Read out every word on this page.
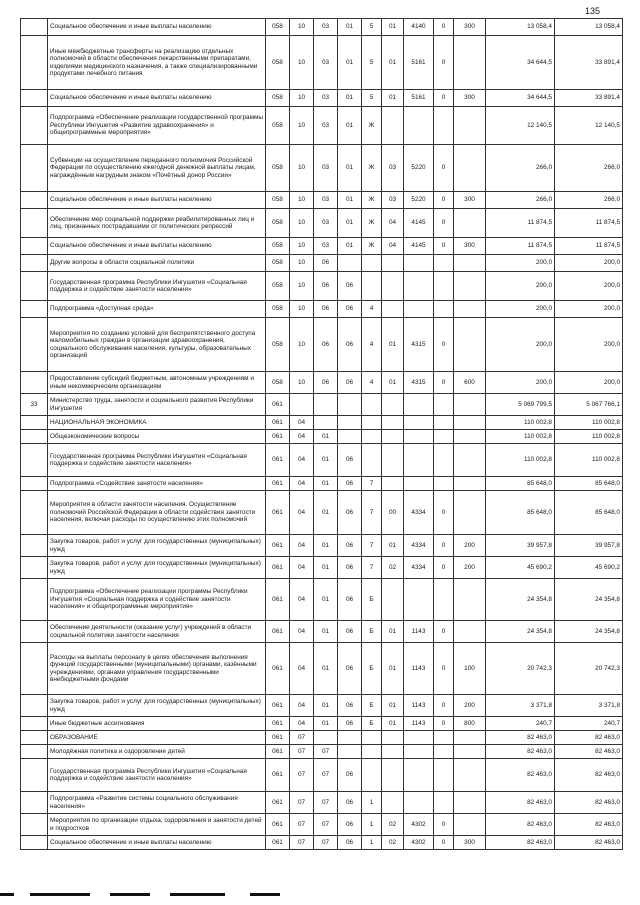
135
	Социальное обеспечение и иные выплаты населению	058	10	03	01	5	01	4140	0	300	13 058,4	13 058,4
	Иные межбюджетные трансферты на реализацию отдельных полномочий в области обеспечения лекарственными препаратами, изделиями медицинского назначения, а также специализированными продуктами лечебного питания	058	10	03	01	5	01	5161	0		34 644,5	33 891,4
	Социальное обеспечение и иные выплаты населению	058	10	03	01	5	01	5161	0	300	34 644,5	33 891,4
	Подпрограмма «Обеспечение реализации государственной программы Республики Ингушетия «Развитие здравоохранения» и общепрограммные мероприятия»	058	10	03	01	Ж					12 140,5	12 140,5
	Субвенции на осуществление переданного полномочия Российской Федерации по осуществлению ежегодной денежной выплаты лицам, награждённым нагрудным знаком «Почётный донор России»	058	10	03	01	Ж	03	5220	0		266,0	266,0
	Социальное обеспечение и иные выплаты населению	058	10	03	01	Ж	03	5220	0	300	266,0	266,0
	Обеспечение мер социальной поддержки реабилитированных лиц и лиц, признанных пострадавшими от политических репрессий	058	10	03	01	Ж	04	4145	0		11 874,5	11 874,5
	Социальное обеспечение и иные выплаты населению	058	10	03	01	Ж	04	4145	0	300	11 874,5	11 874,5
	Другие вопросы в области социальной политики	058	10	06							200,0	200,0
	Государственная программа Республики Ингушетия «Социальная поддержка и содействие занятости населения»	058	10	06	06						200,0	200,0
	Подпрограмма «Доступная среда»	058	10	06	06	4					200,0	200,0
	Мероприятия по созданию условий для беспрепятственного доступа маломобильных граждан в организации здравоохранения, социального обслуживания населения, культуры, образовательных организаций	058	10	06	06	4	01	4315	0		200,0	200,0
	Предоставление субсидий бюджетным, автономным учреждениям и иным некоммерческим организациям	058	10	06	06	4	01	4315	0	600	200,0	200,0
33	Министерство труда, занятости и социального развития Республики Ингушетия	061									5 069 799,5	5 067 766,1
	НАЦИОНАЛЬНАЯ ЭКОНОМИКА	061	04								110 002,8	110 002,8
	Общеэкономические вопросы	061	04	01							110 002,8	110 002,8
	Государственная программа Республики Ингушетия «Социальная поддержка и содействие занятости населения»	061	04	01	06						110 002,8	110 002,8
	Подпрограмма «Содействие занятости населения»	061	04	01	06	7					85 648,0	85 648,0
	Мероприятия в области занятости населения. Осуществление полномочий Российской Федерации в области содействия занятости населения, включая расходы по осуществлению этих полномочий	061	04	01	06	7	00	4334	0		85 648,0	85 648,0
	Закупка товаров, работ и услуг для государственных (муниципальных) нужд	061	04	01	06	7	01	4334	0	200	39 957,8	39 957,8
	Закупка товаров, работ и услуг для государственных (муниципальных) нужд	061	04	01	06	7	02	4334	0	200	45 690,2	45 690,2
	Подпрограмма «Обеспечение реализации программы Республики Ингушетия «Социальная поддержка и содействие занятости населения» и общепрограммные мероприятия»	061	04	01	06	Б					24 354,8	24 354,8
	Обеспечение деятельности (оказание услуг) учреждений в области социальной политики занятости населения	061	04	01	06	Б	01	1143	0		24 354,8	24 354,8
	Расходы на выплаты персоналу в целях обеспечения выполнения функций государственными (муниципальными) органами, казёнными учреждениями, органами управления государственными внебюджетными фондами	061	04	01	06	Б	01	1143	0	100	20 742,3	20 742,3
	Закупка товаров, работ и услуг для государственных (муниципальных) нужд	061	04	01	06	Б	01	1143	0	200	3 371,8	3 371,8
	Иные бюджетные ассигнования	061	04	01	06	Б	01	1143	0	800	240,7	240,7
	ОБРАЗОВАНИЕ	061	07								82 463,0	82 463,0
	Молодёжная политика и оздоровление детей	061	07	07							82 463,0	82 463,0
	Государственная программа Республики Ингушетия «Социальная поддержка и содействие занятости населения»	061	07	07	06						82 463,0	82 463,0
	Подпрограмма «Развитие системы социального обслуживания населения»	061	07	07	06	1					82 463,0	82 463,0
	Мероприятия по организации отдыха, оздоровления и занятости детей и подростков	061	07	07	06	1	02	4302	0		82 463,0	82 463,0
	Социальное обеспечение и иные выплаты населению	061	07	07	06	1	02	4302	0	300	82 463,0	82 463,0
